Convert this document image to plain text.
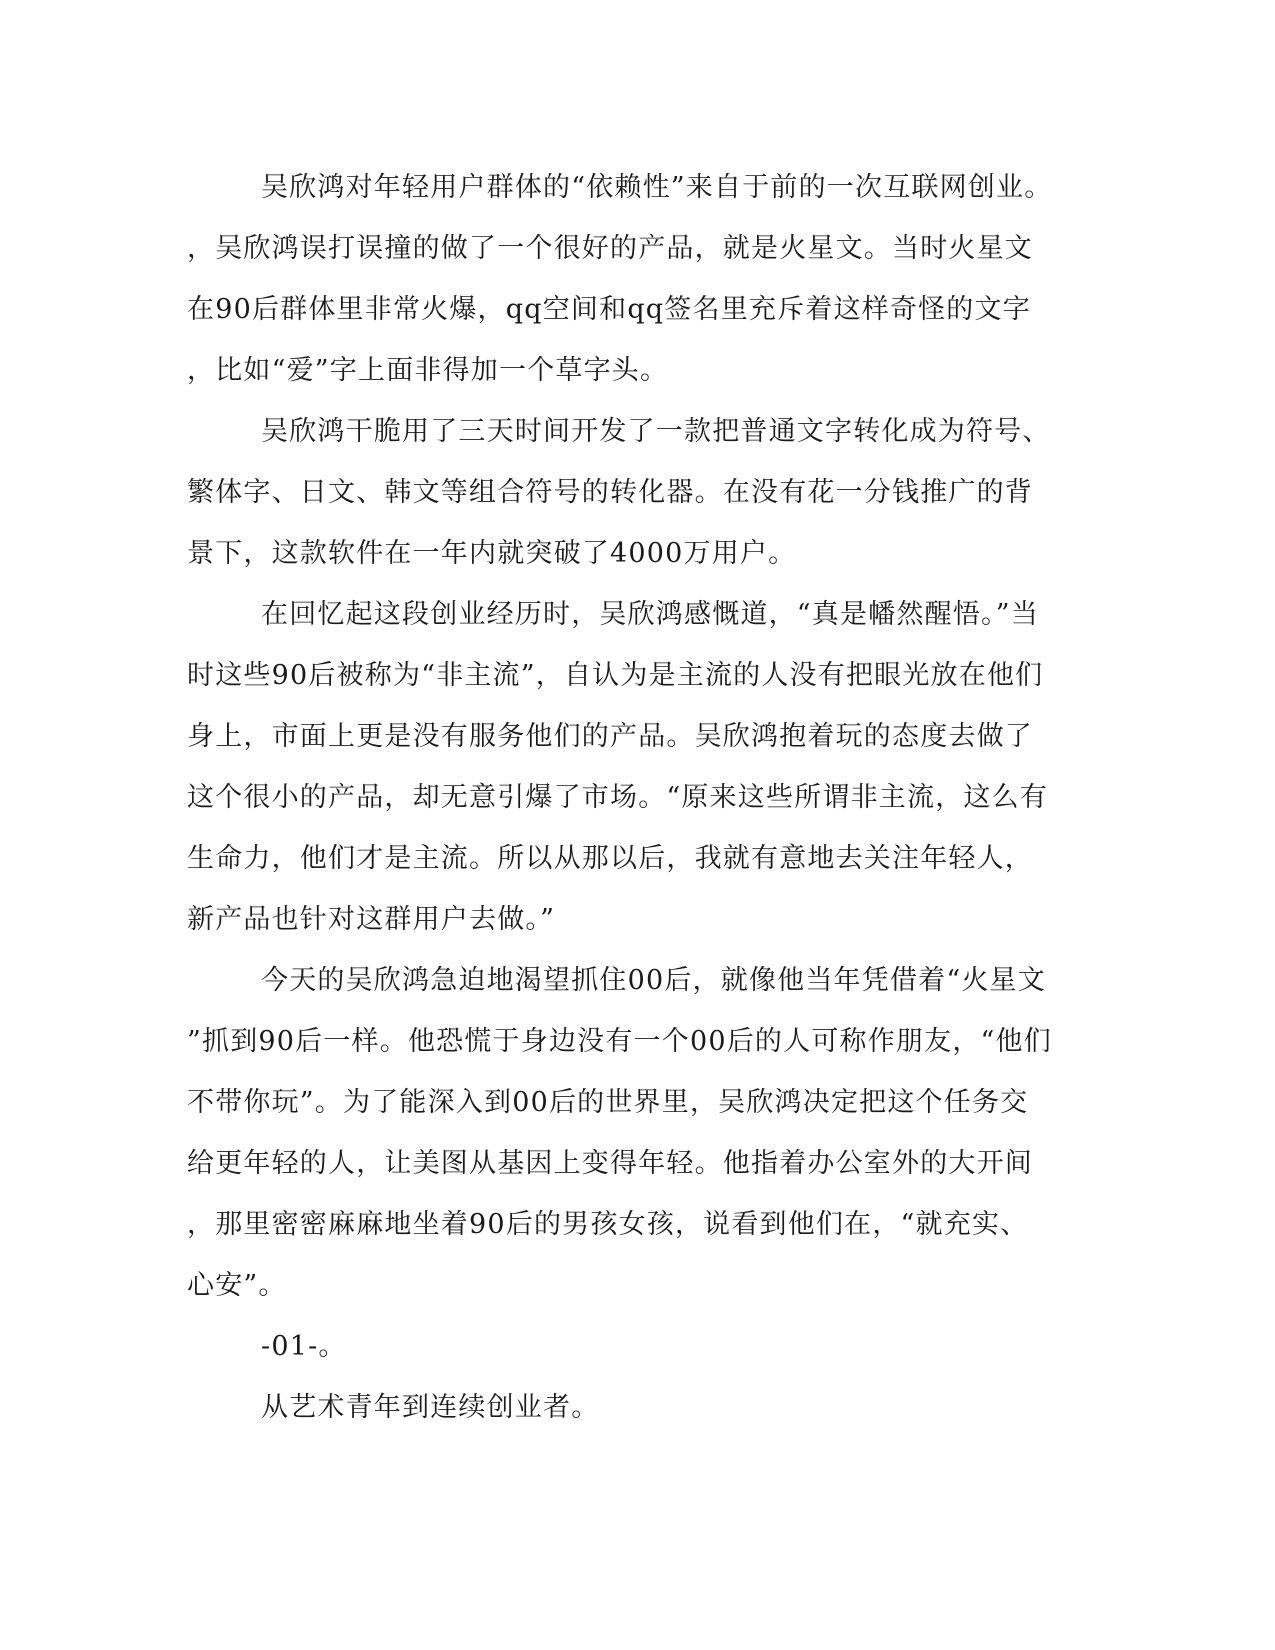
吴欣鸿对年轻用户群体的“依赖性”来自于前的一次互联网创业。
，吴欣鸿误打误撞的做了一个很好的产品，就是火星文。当时火星文
在90后群体里非常火爆，qq空间和qq签名里充斥着这样奇怪的文字
，比如“爱”字上面非得加一个草字头。
吴欣鸿干脆用了三天时间开发了一款把普通文字转化成为符号、
繁体字、日文、韩文等组合符号的转化器。在没有花一分钱推广的背
景下，这款软件在一年内就突破了4000万用户。
在回忆起这段创业经历时，吴欣鸿感慨道，“真是幡然醒悟。”当
时这些90后被称为“非主流”，自认为是主流的人没有把眼光放在他们
身上，市面上更是没有服务他们的产品。吴欣鸿抱着玩的态度去做了
这个很小的产品，却无意引爆了市场。“原来这些所谓非主流，这么有
生命力，他们才是主流。所以从那以后，我就有意地去关注年轻人，
新产品也针对这群用户去做。”
今天的吴欣鸿急迫地渴望抓住00后，就像他当年凭借着“火星文
”抓到90后一样。他恐慌于身边没有一个00后的人可称作朋友，“他们
不带你玩”。为了能深入到00后的世界里，吴欣鸿决定把这个任务交
给更年轻的人，让美图从基因上变得年轻。他指着办公室外的大开间
，那里密密麻麻地坐着90后的男孩女孩，说看到他们在，“就充实、
心安”。
-01-。
从艺术青年到连续创业者。
